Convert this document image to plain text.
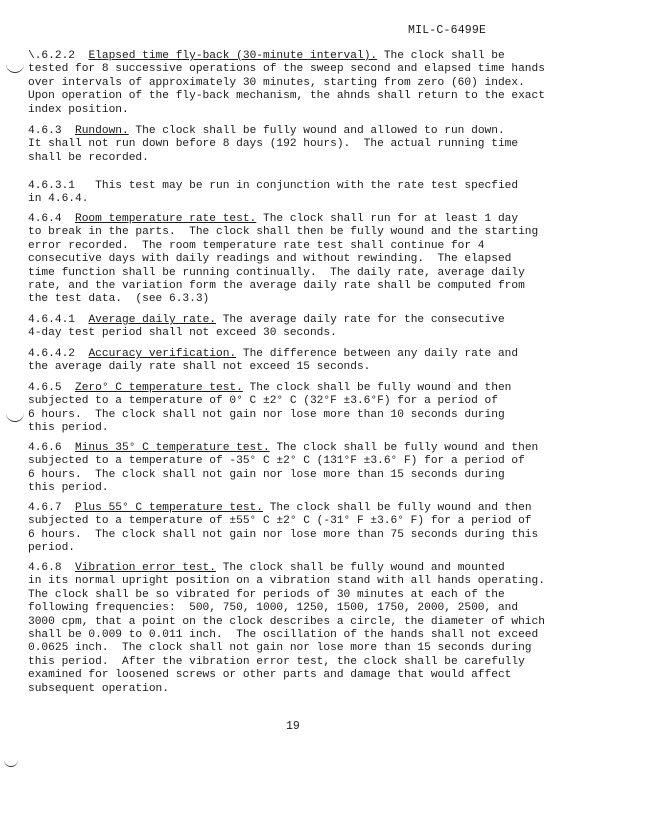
MIL-C-6499E
\.6.2.2  Elapsed time fly-back (30-minute interval). The clock shall be
tested for 8 successive operations of the sweep second and elapsed time hands
over intervals of approximately 30 minutes, starting from zero (60) index.
Upon operation of the fly-back mechanism, the ahnds shall return to the exact
index position.
4.6.3  Rundown. The clock shall be fully wound and allowed to run down.
It shall not run down before 8 days (192 hours).  The actual running time
shall be recorded.
4.6.3.1   This test may be run in conjunction with the rate test specfied
in 4.6.4.
4.6.4  Room temperature rate test. The clock shall run for at least 1 day
to break in the parts.  The clock shall then be fully wound and the starting
error recorded.  The room temperature rate test shall continue for 4
consecutive days with daily readings and without rewinding.  The elapsed
time function shall be running continually.  The daily rate, average daily
rate, and the variation form the average daily rate shall be computed from
the test data.  (see 6.3.3)
4.6.4.1  Average daily rate. The average daily rate for the consecutive
4-day test period shall not exceed 30 seconds.
4.6.4.2  Accuracy verification. The difference between any daily rate and
the average daily rate shall not exceed 15 seconds.
4.6.5  Zero° C temperature test. The clock shall be fully wound and then
subjected to a temperature of 0° C ±2° C (32°F ±3.6°F) for a period of
6 hours.  The clock shall not gain nor lose more than 10 seconds during
this period.
4.6.6  Minus 35° C temperature test. The clock shall be fully wound and then
subjected to a temperature of -35° C ±2° C (131°F ±3.6° F) for a period of
6 hours.  The clock shall not gain nor lose more than 15 seconds during
this period.
4.6.7  Plus 55° C temperature test. The clock shall be fully wound and then
subjected to a temperature of ±55° C ±2° C (-31° F ±3.6° F) for a period of
6 hours.  The clock shall not gain nor lose more than 75 seconds during this
period.
4.6.8  Vibration error test. The clock shall be fully wound and mounted
in its normal upright position on a vibration stand with all hands operating.
The clock shall be so vibrated for periods of 30 minutes at each of the
following frequencies:  500, 750, 1000, 1250, 1500, 1750, 2000, 2500, and
3000 cpm, that a point on the clock describes a circle, the diameter of which
shall be 0.009 to 0.011 inch.  The oscillation of the hands shall not exceed
0.0625 inch.  The clock shall not gain nor lose more than 15 seconds during
this period.  After the vibration error test, the clock shall be carefully
examined for loosened screws or other parts and damage that would affect
subsequent operation.
19
